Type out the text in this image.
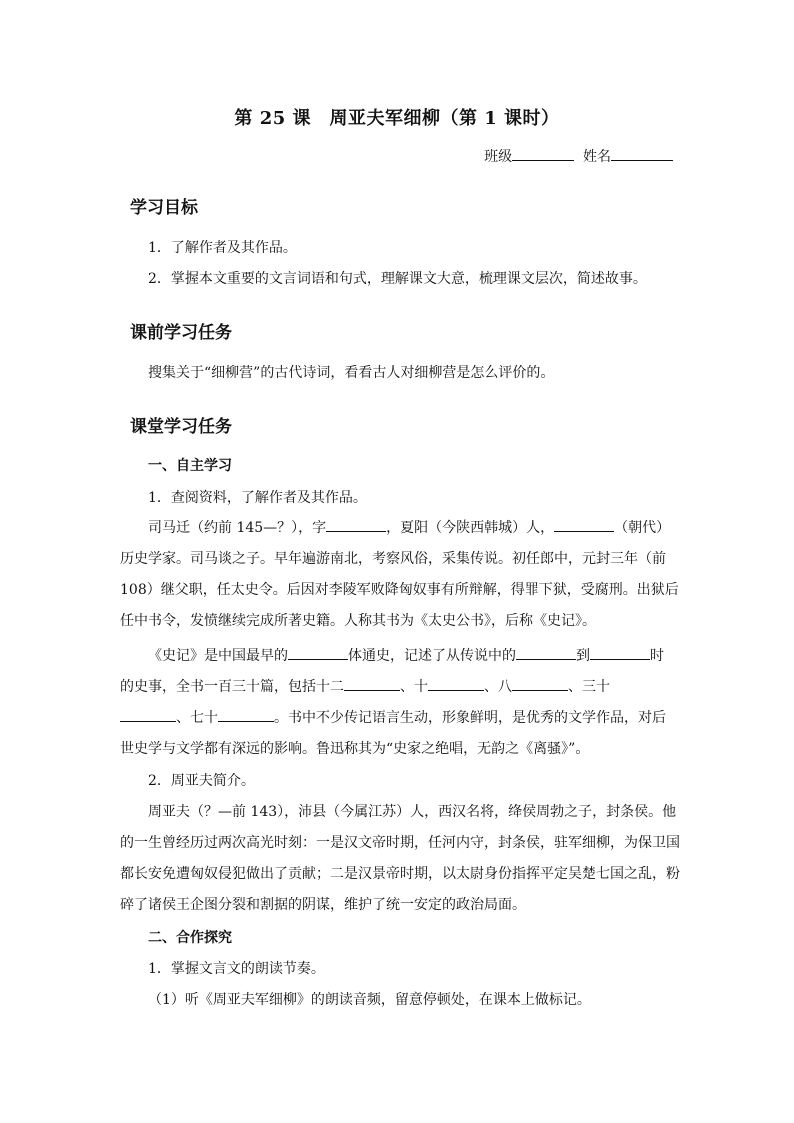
第 25 课　周亚夫军细柳（第 1 课时）
班级	姓名
学习目标
1．了解作者及其作品。
2．掌握本文重要的文言词语和句式，理解课文大意，梳理课文层次，简述故事。
课前学习任务
搜集关于“细柳营”的古代诗词，看看古人对细柳营是怎么评价的。
课堂学习任务
一、自主学习
1．查阅资料，了解作者及其作品。
司马迁（约前 145—？），字	，夏阳（今陕西韩城）人，	（朝代）
历史学家。司马谈之子。早年遍游南北，考察风俗，采集传说。初任郎中，元封三年（前
108）继父职，任太史令。后因对李陵军败降匈奴事有所辩解，得罪下狱，受腐刑。出狱后
任中书令，发愤继续完成所著史籍。人称其书为《太史公书》，后称《史记》。
《史记》是中国最早的	体通史，记述了从传说中的	到	时
的史事，全书一百三十篇，包括十二	、十	、八	、三十
、七十	。书中不少传记语言生动，形象鲜明，是优秀的文学作品，对后
世史学与文学都有深远的影响。鲁迅称其为“史家之绝唱，无韵之《离骚》”。
2．周亚夫简介。
周亚夫（？—前 143），沛县（今属江苏）人，西汉名将，绛侯周勃之子，封条侯。他
的一生曾经历过两次高光时刻：一是汉文帝时期，任河内守，封条侯，驻军细柳，为保卫国
都长安免遭匈奴侵犯做出了贡献；二是汉景帝时期，以太尉身份指挥平定吴楚七国之乱，粉
碎了诸侯王企图分裂和割据的阴谋，维护了统一安定的政治局面。
二、合作探究
1．掌握文言文的朗读节奏。
（1）听《周亚夫军细柳》的朗读音频，留意停顿处，在课本上做标记。
